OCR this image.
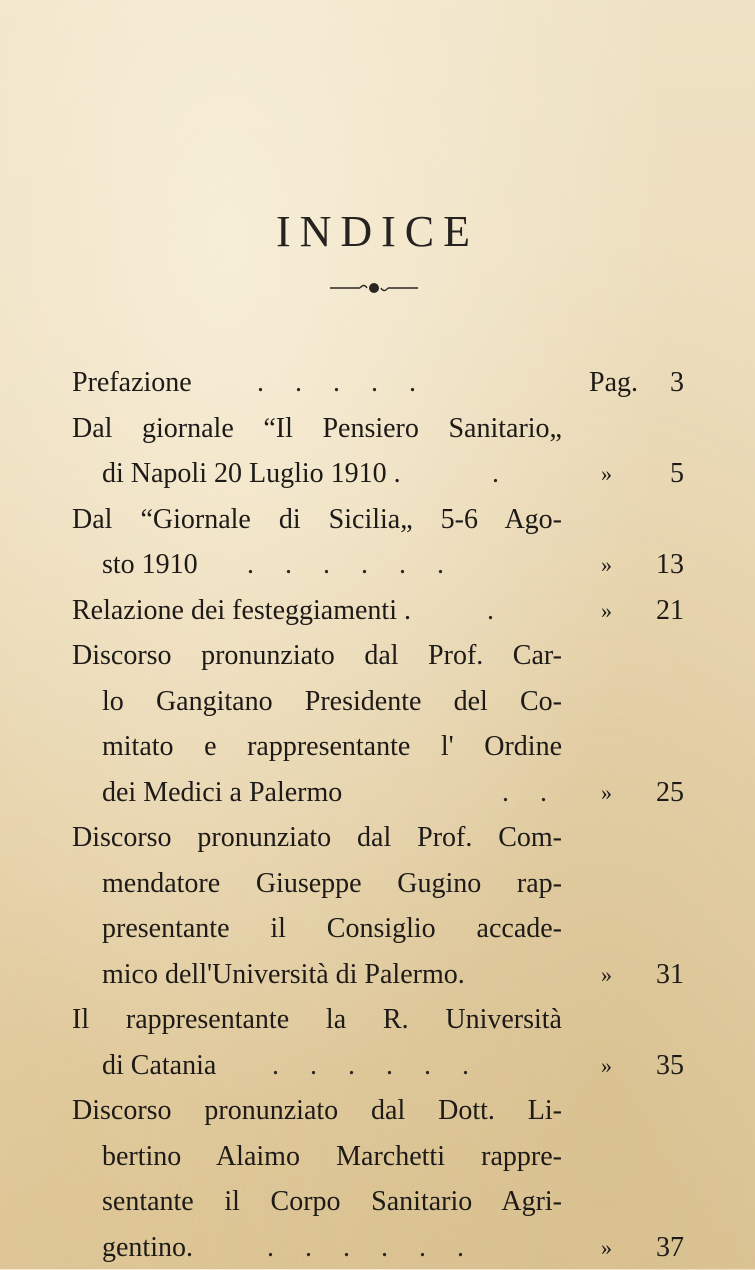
INDICE
Prefazione . . . . .	Pag. 3
Dal giornale “Il Pensiero Sanitario„
di Napoli 20 Luglio 1910 .	.	» 5
Dal “Giornale di Sicilia„ 5-6 Ago-
sto 1910 . . . . . .	» 13
Relazione dei festeggiamenti .	.	» 21
Discorso pronunziato dal Prof. Car-
lo Gangitano Presidente del Co-
mitato e rappresentante l' Ordine
dei Medici a Palermo	. . » 25
Discorso pronunziato dal Prof. Com-
mendatore Giuseppe Gugino rap-
presentante il Consiglio accade-
mico dell'Università di Palermo.	» 31
Il rappresentante la R. Università
di Catania . . . . . .	» 35
Discorso pronunziato dal Dott. Li-
bertino Alaimo Marchetti rappre-
sentante il Corpo Sanitario Agri-
gentino.	. . . . . .	» 37
